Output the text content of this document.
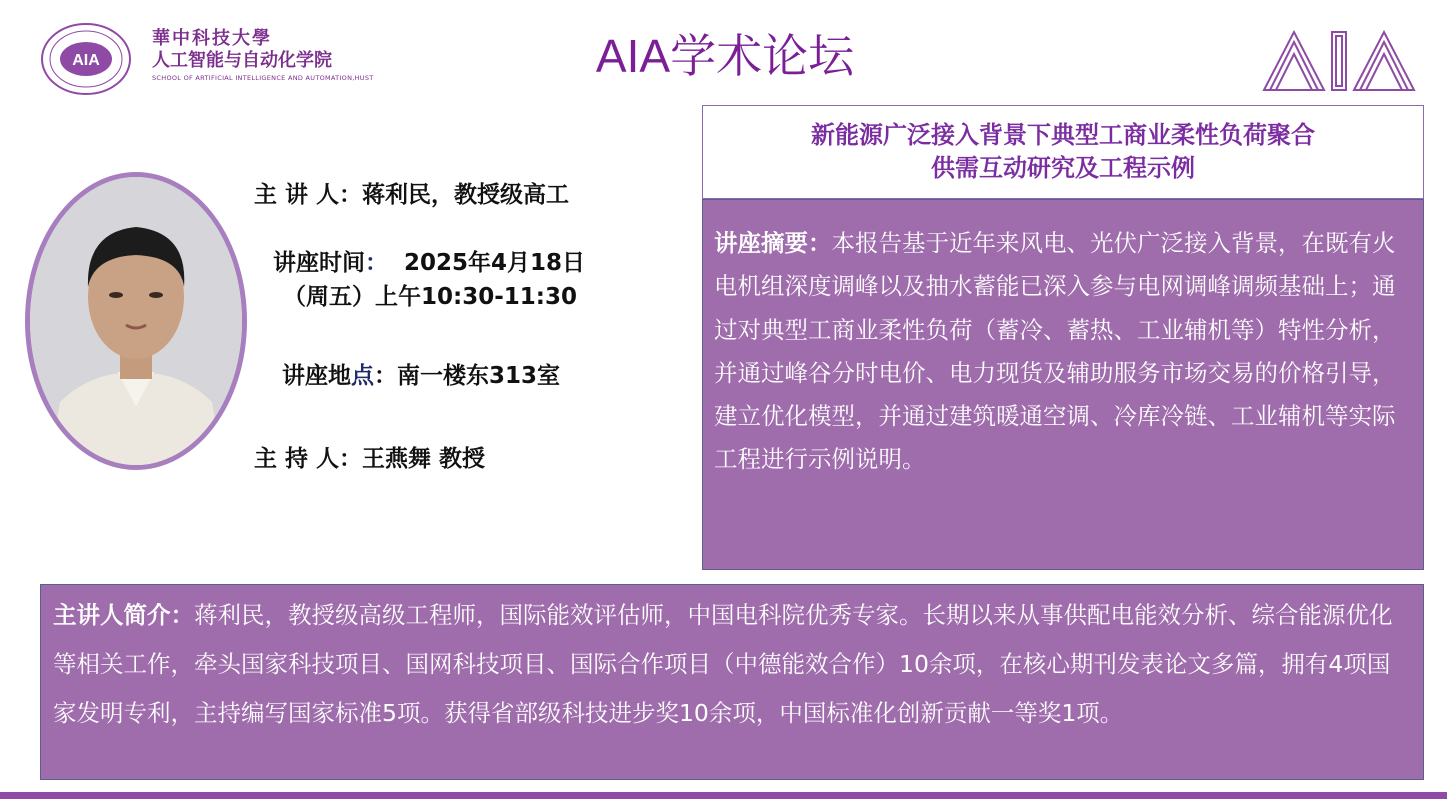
AIA
華中科技大學
人工智能与自动化学院
SCHOOL OF ARTIFICIAL INTELLIGENCE AND AUTOMATION,HUST	AIA学术论坛
主 讲 人：蒋利民，教授级高工
讲座时间： 2025年4月18日
（周五）上午10:30-11:30
讲座地点：南一楼东313室
主 持 人：王燕舞 教授
新能源广泛接入背景下典型工商业柔性负荷聚合
供需互动研究及工程示例
讲座摘要：本报告基于近年来风电、光伏广泛接入背景，在既有火电机组深度调峰以及抽水蓄能已深入参与电网调峰调频基础上；通过对典型工商业柔性负荷（蓄冷、蓄热、工业辅机等）特性分析，并通过峰谷分时电价、电力现货及辅助服务市场交易的价格引导，建立优化模型，并通过建筑暖通空调、冷库冷链、工业辅机等实际工程进行示例说明。
主讲人简介：蒋利民，教授级高级工程师，国际能效评估师，中国电科院优秀专家。长期以来从事供配电能效分析、综合能源优化等相关工作，牵头国家科技项目、国网科技项目、国际合作项目（中德能效合作）10余项，在核心期刊发表论文多篇，拥有4项国家发明专利，主持编写国家标准5项。获得省部级科技进步奖10余项，中国标准化创新贡献一等奖1项。
